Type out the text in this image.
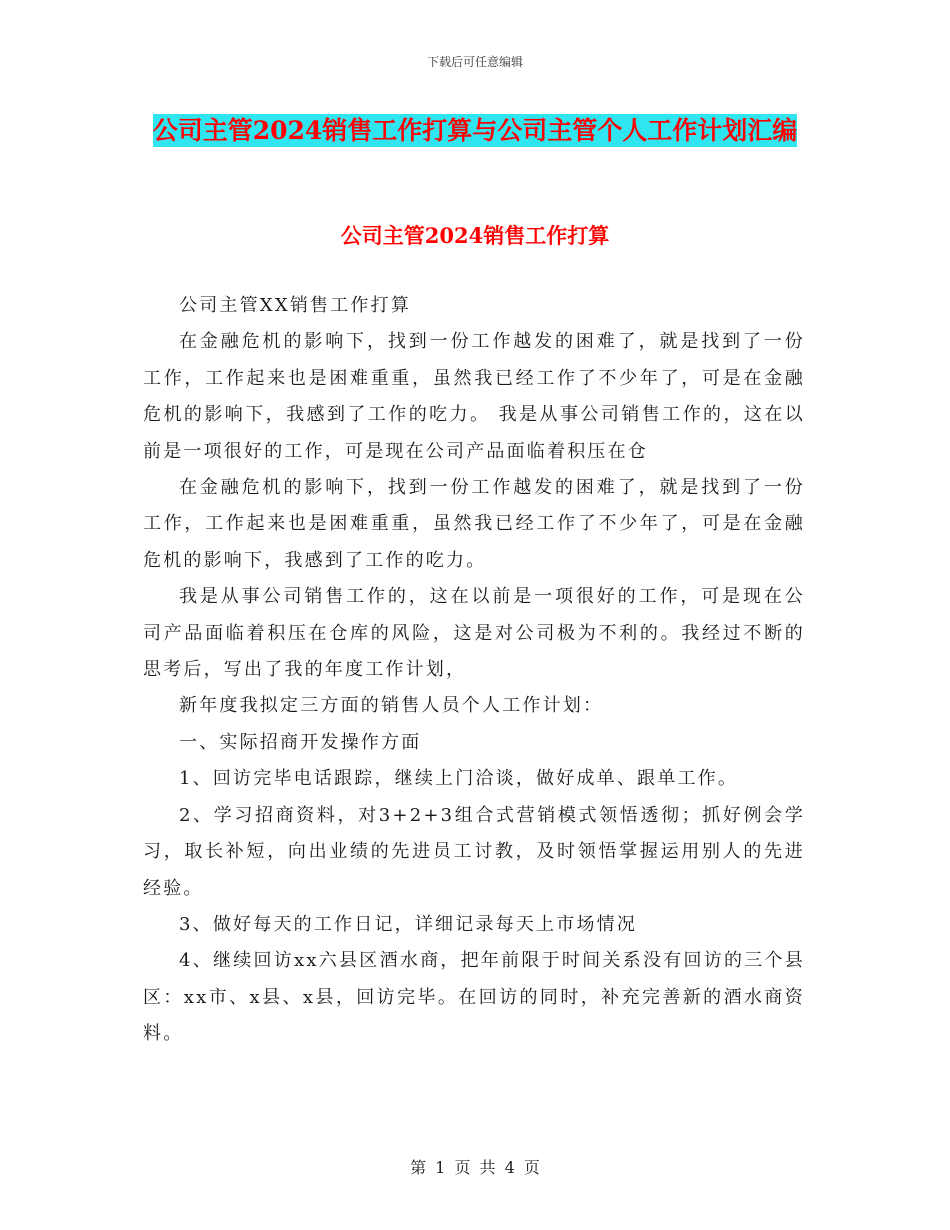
下载后可任意编辑
公司主管2024销售工作打算与公司主管个人工作计划汇编
公司主管2024销售工作打算

公司主管XX销售工作打算

在金融危机的影响下，找到一份工作越发的困难了，就是找到了一份工作，工作起来也是困难重重，虽然我已经工作了不少年了，可是在金融危机的影响下，我感到了工作的吃力。 我是从事公司销售工作的，这在以前是一项很好的工作，可是现在公司产品面临着积压在仓

在金融危机的影响下，找到一份工作越发的困难了，就是找到了一份工作，工作起来也是困难重重，虽然我已经工作了不少年了，可是在金融危机的影响下，我感到了工作的吃力。

我是从事公司销售工作的，这在以前是一项很好的工作，可是现在公司产品面临着积压在仓库的风险，这是对公司极为不利的。我经过不断的思考后，写出了我的年度工作计划，

新年度我拟定三方面的销售人员个人工作计划：

一、实际招商开发操作方面

1、回访完毕电话跟踪，继续上门洽谈，做好成单、跟单工作。

2、学习招商资料，对3+2+3组合式营销模式领悟透彻；抓好例会学习，取长补短，向出业绩的先进员工讨教，及时领悟掌握运用别人的先进经验。

3、做好每天的工作日记，详细记录每天上市场情况

4、继续回访xx六县区酒水商，把年前限于时间关系没有回访的三个县区：xx市、x县、x县，回访完毕。在回访的同时，补充完善新的酒水商资料。

第 1 页 共 4 页
